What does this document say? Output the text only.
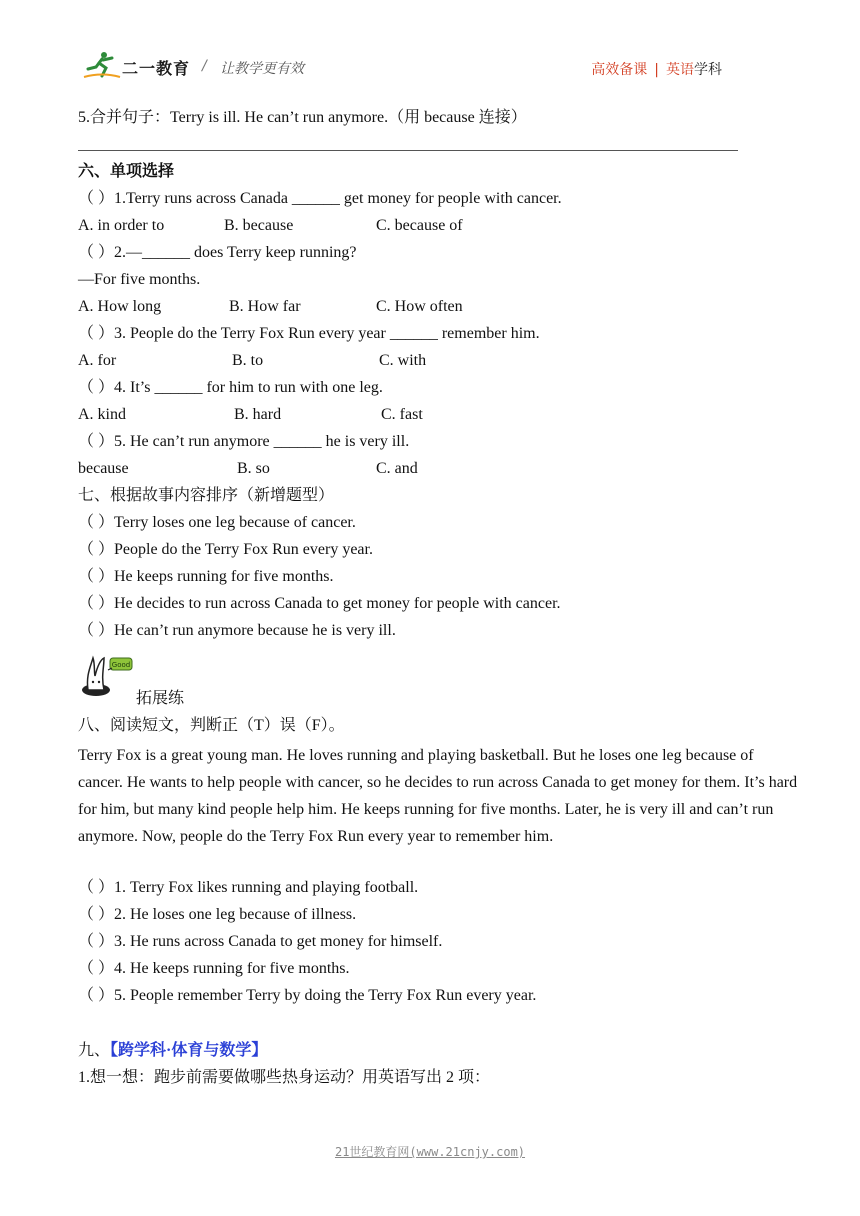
二一教育 / 让教学更有效	高效备课 | 英语学科
5.合并句子：Terry is ill. He can’t run anymore.（用 because 连接）
六、单项选择
（ ）1.Terry runs across Canada ______ get money for people with cancer.
A. in order to	B. because	C. because of
（ ）2.—______ does Terry keep running?
—For five months.
A. How long	B. How far	C. How often
（ ）3. People do the Terry Fox Run every year ______ remember him.
A. for	B. to	C. with
（ ）4. It’s ______ for him to run with one leg.
A. kind	B. hard	C. fast
（ ）5. He can’t run anymore ______ he is very ill.
because	B. so	C. and
七、根据故事内容排序（新增题型）
（ ）Terry loses one leg because of cancer.
（ ）People do the Terry Fox Run every year.
（ ）He keeps running for five months.
（ ）He decides to run across Canada to get money for people with cancer.
（ ）He can’t run anymore because he is very ill.
Good
拓展练
八、阅读短文，判断正（T）误（F）。
Terry Fox is a great young man. He loves running and playing basketball. But he loses one leg because of cancer. He wants to help people with cancer, so he decides to run across Canada to get money for them. It’s hard for him, but many kind people help him. He keeps running for five months. Later, he is very ill and can’t run anymore. Now, people do the Terry Fox Run every year to remember him.
（ ）1. Terry Fox likes running and playing football.
（ ）2. He loses one leg because of illness.
（ ）3. He runs across Canada to get money for himself.
（ ）4. He keeps running for five months.
（ ）5. People remember Terry by doing the Terry Fox Run every year.
九、【跨学科·体育与数学】
1.想一想：跑步前需要做哪些热身运动？用英语写出 2 项：
21世纪教育网(www.21cnjy.com)
